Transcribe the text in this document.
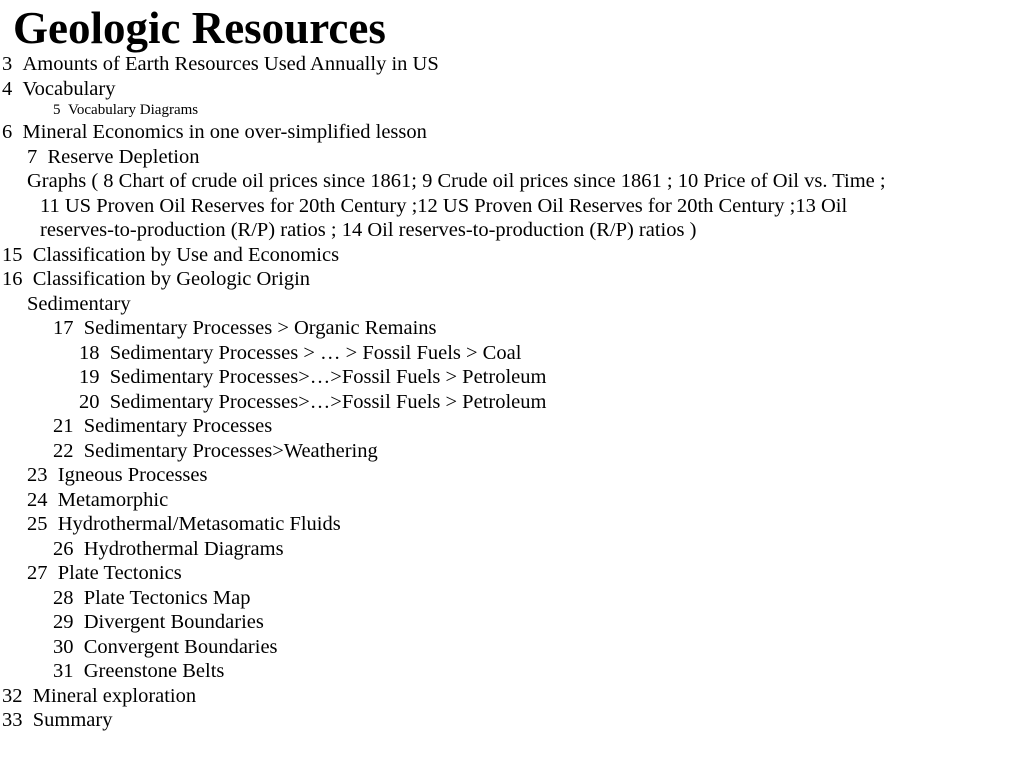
Geologic Resources
3 Amounts of Earth Resources Used Annually in US
4 Vocabulary
5 Vocabulary Diagrams
6 Mineral Economics in one over-simplified lesson
7 Reserve Depletion
Graphs ( 8 Chart of crude oil prices since 1861; 9 Crude oil prices since 1861 ; 10 Price of Oil vs. Time ;
11 US Proven Oil Reserves for 20th Century ;12 US Proven Oil Reserves for 20th Century ;13 Oil
reserves-to-production (R/P) ratios ; 14 Oil reserves-to-production (R/P) ratios )
15 Classification by Use and Economics
16 Classification by Geologic Origin
Sedimentary
17 Sedimentary Processes > Organic Remains
18 Sedimentary Processes > … > Fossil Fuels > Coal
19 Sedimentary Processes>…>Fossil Fuels > Petroleum
20 Sedimentary Processes>…>Fossil Fuels > Petroleum
21 Sedimentary Processes
22 Sedimentary Processes>Weathering
23 Igneous Processes
24 Metamorphic
25 Hydrothermal/Metasomatic Fluids
26 Hydrothermal Diagrams
27 Plate Tectonics
28 Plate Tectonics Map
29 Divergent Boundaries
30 Convergent Boundaries
31 Greenstone Belts
32 Mineral exploration
33 Summary
